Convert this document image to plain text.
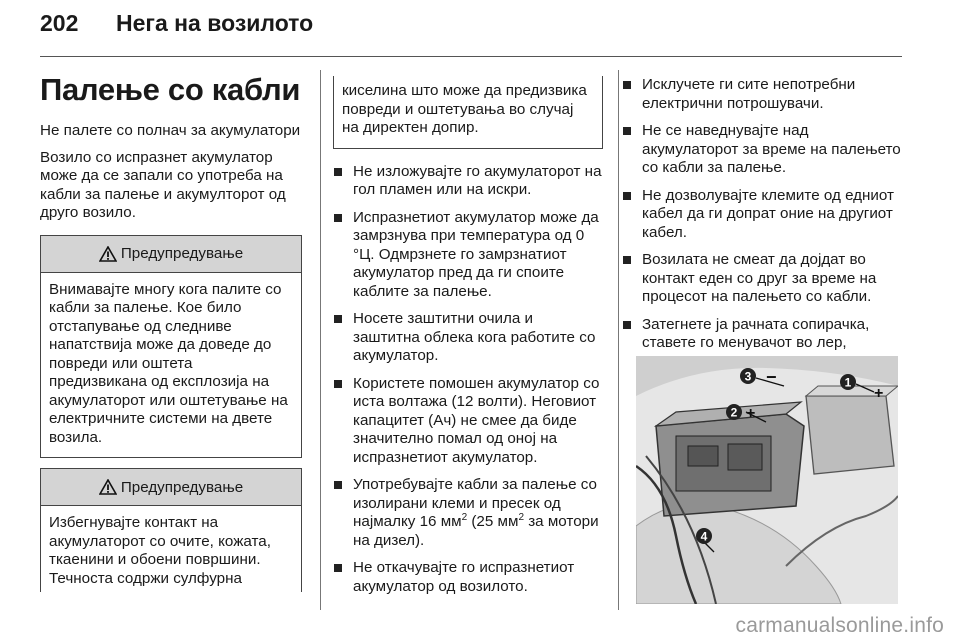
202 Нега на возилото
Палење со кабли

Не палете со полнач за акумулатори

Возило со испразнет акумулатор може да се запали со употреба на кабли за палење и акумулторот од друго возило.

Предупредување
Внимавајте многу кога палите со кабли за палење. Кое било отстапување од следниве напатствија може да доведе до повреди или оштета предизвикана од експлозија на акумулаторот или оштетување на електричните системи на двете возила.
Предупредување
Избегнувајте контакт на акумулаторот со очите, кожата, ткаенини и обоени површини. Течноста содржи сулфурна
киселина што може да предизвика повреди и оштетувања во случај на директен допир.
Не изложувајте го акумулаторот на гол пламен или на искри.
Испразнетиот акумулатор може да замрзнува при температура од 0 °Ц. Одмрзнете го замрзнатиот акумулатор пред да ги споите каблите за палење.
Носете заштитни очила и заштитна облека кога работите со акумулатор.
Користете помошен акумулатор со иста волтажа (12 волти). Неговиот капацитет (Ач) не смее да биде значително помал од оној на испразнетиот акумулатор.
Употребувајте кабли за палење со изолирани клеми и пресек од најмалку 16 $мм^2$ (25 $мм^2$ за мотори на дизел).
Не откачувајте го испразнетиот акумулатор од возилото.
Исклучете ги сите непотребни електрични потрошувачи.
Не се наведнувајте над акумулаторот за време на палењето со кабли за палење.
Не дозволувајте клемите од едниот кабел да ги допрат оние на другиот кабел.
Возилата не смеат да дојдат во контакт еден со друг за време на процесот на палењето со кабли.
Затегнете ја рачната сопирачка, ставете го менувачот во лер,
3 −	1
+
2 +
4
carmanualsonline.info
